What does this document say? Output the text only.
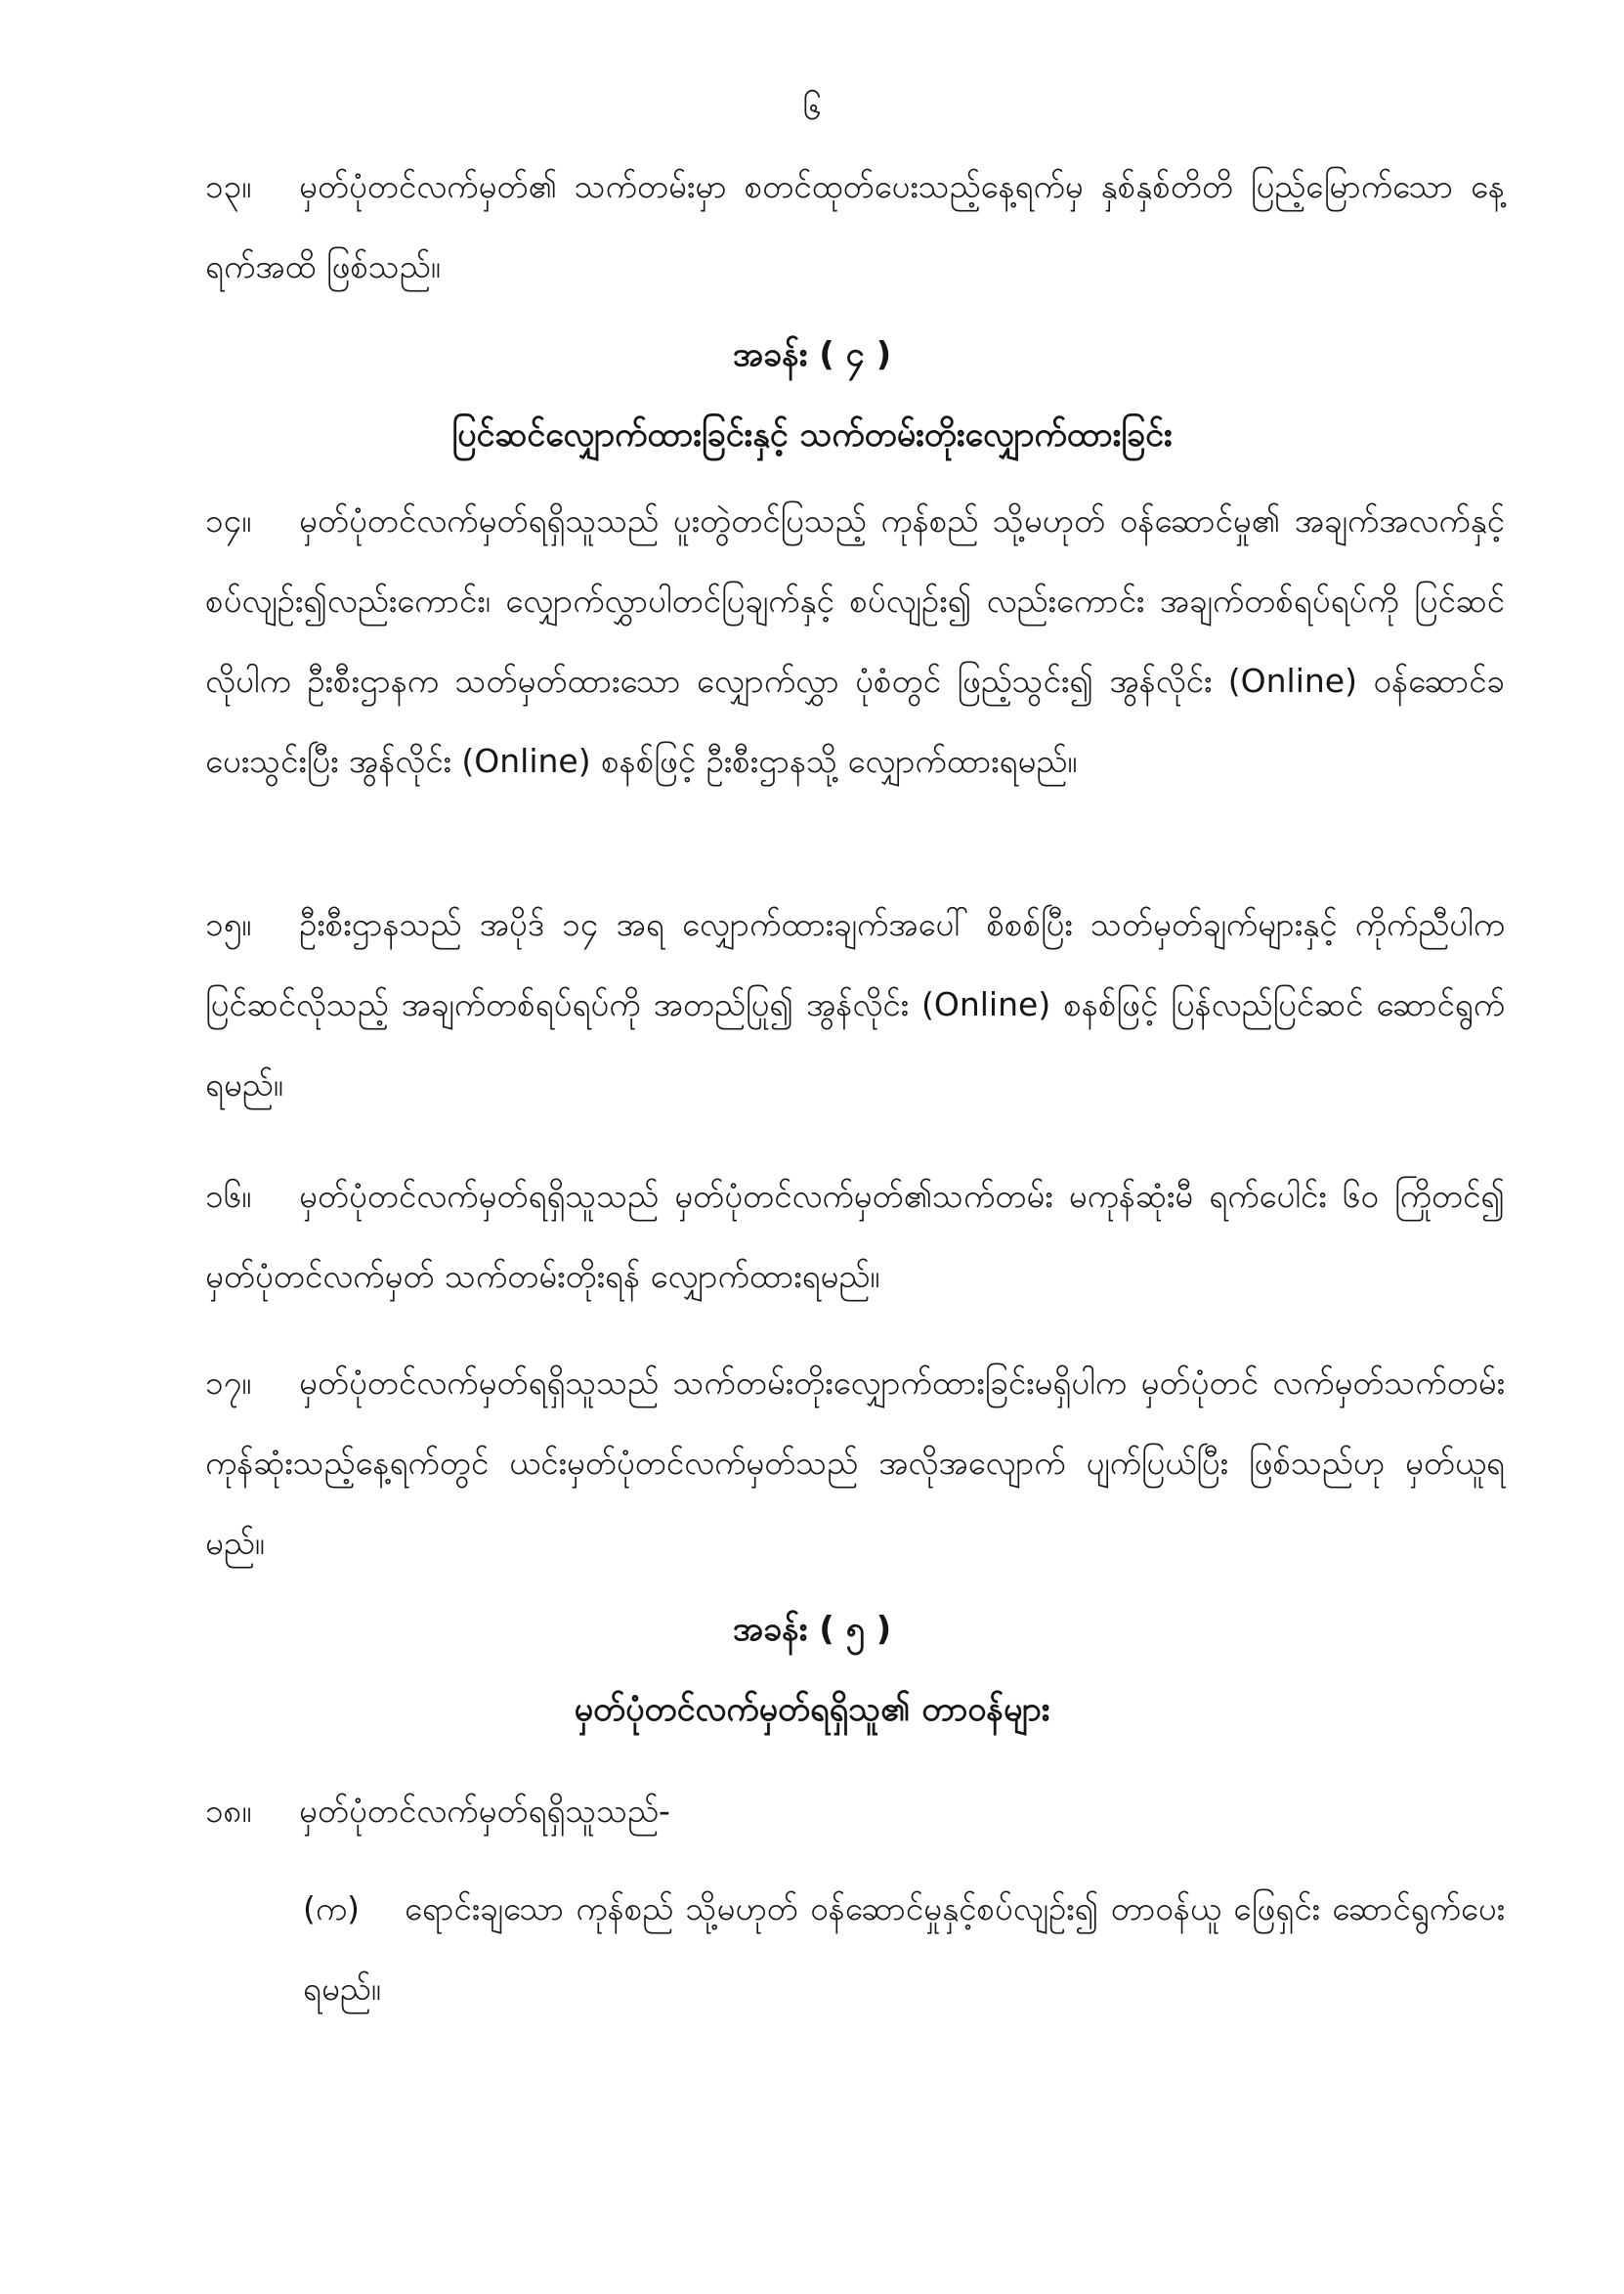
၆

၁၃။ မှတ်ပုံတင်လက်မှတ်၏ သက်တမ်းမှာ စတင်ထုတ်ပေးသည့်နေ့ရက်မှ နှစ်နှစ်တိတိ ပြည့်မြောက်သော နေ့ရက်အထိ ဖြစ်သည်။

အခန်း ( ၄ )
ပြင်ဆင်လျှောက်ထားခြင်းနှင့် သက်တမ်းတိုးလျှောက်ထားခြင်း

၁၄။ မှတ်ပုံတင်လက်မှတ်ရရှိသူသည် ပူးတွဲတင်ပြသည့် ကုန်စည် သို့မဟုတ် ဝန်ဆောင်မှု၏ အချက်အလက်နှင့် စပ်လျဉ်း၍လည်းကောင်း၊ လျှောက်လွှာပါတင်ပြချက်နှင့် စပ်လျဉ်း၍ လည်းကောင်း အချက်တစ်ရပ်ရပ်ကို ပြင်ဆင်လိုပါက ဦးစီးဌာနက သတ်မှတ်ထားသော လျှောက်လွှာ ပုံစံတွင် ဖြည့်သွင်း၍ အွန်လိုင်း (Online) ဝန်ဆောင်ခ ပေးသွင်းပြီး အွန်လိုင်း (Online) စနစ်ဖြင့် ဦးစီးဌာနသို့ လျှောက်ထားရမည်။

၁၅။ ဦးစီးဌာနသည် အပိုဒ် ၁၄ အရ လျှောက်ထားချက်အပေါ် စိစစ်ပြီး သတ်မှတ်ချက်များနှင့် ကိုက်ညီပါက ပြင်ဆင်လိုသည့် အချက်တစ်ရပ်ရပ်ကို အတည်ပြု၍ အွန်လိုင်း (Online) စနစ်ဖြင့် ပြန်လည်ပြင်ဆင် ဆောင်ရွက်ရမည်။

၁၆။ မှတ်ပုံတင်လက်မှတ်ရရှိသူသည် မှတ်ပုံတင်လက်မှတ်၏သက်တမ်း မကုန်ဆုံးမီ ရက်ပေါင်း ၆၀ ကြိုတင်၍ မှတ်ပုံတင်လက်မှတ် သက်တမ်းတိုးရန် လျှောက်ထားရမည်။

၁၇။ မှတ်ပုံတင်လက်မှတ်ရရှိသူသည် သက်တမ်းတိုးလျှောက်ထားခြင်းမရှိပါက မှတ်ပုံတင် လက်မှတ်သက်တမ်းကုန်ဆုံးသည့်နေ့ရက်တွင် ယင်းမှတ်ပုံတင်လက်မှတ်သည် အလိုအလျောက် ပျက်ပြယ်ပြီး ဖြစ်သည်ဟု မှတ်ယူရမည်။

အခန်း ( ၅ )
မှတ်ပုံတင်လက်မှတ်ရရှိသူ၏ တာဝန်များ

၁၈။ မှတ်ပုံတင်လက်မှတ်ရရှိသူသည်-

(က) ရောင်းချသော ကုန်စည် သို့မဟုတ် ဝန်ဆောင်မှုနှင့်စပ်လျဉ်း၍ တာဝန်ယူ ဖြေရှင်း ဆောင်ရွက်ပေးရမည်။
